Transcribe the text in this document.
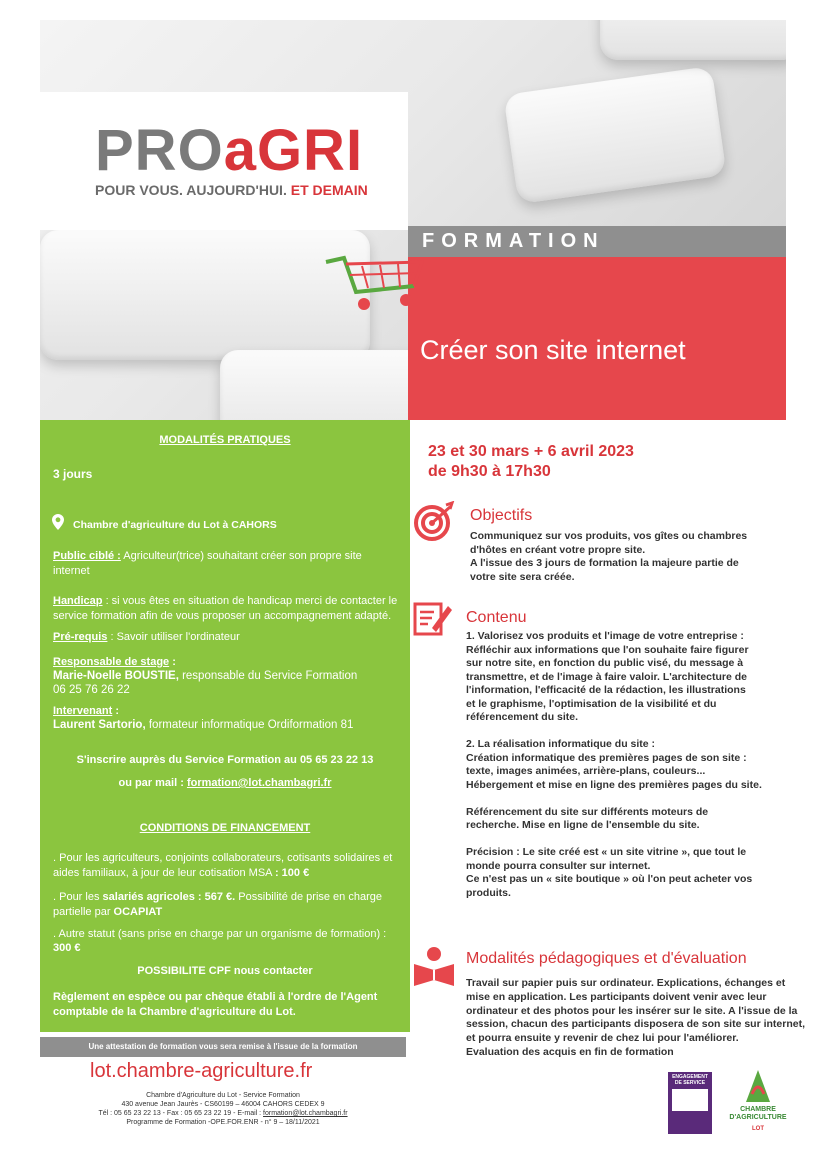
PROaGRI
POUR VOUS. AUJOURD'HUI. ET DEMAIN
FORMATION
Créer son site internet
MODALITÉS PRATIQUES
3 jours
Chambre d'agriculture du Lot à CAHORS
Public ciblé : Agriculteur(trice) souhaitant créer son propre site internet
Handicap : si vous êtes en situation de handicap merci de contacter le service formation afin de vous proposer un accompagnement adapté.
Pré-requis : Savoir utiliser l'ordinateur
Responsable de stage :
Marie-Noelle BOUSTIE, responsable du Service Formation
06 25 76 26 22
Intervenant :
Laurent Sartorio, formateur informatique Ordiformation 81
S'inscrire auprès du Service Formation au 05 65 23 22 13
ou par mail : formation@lot.chambagri.fr
CONDITIONS DE FINANCEMENT
. Pour les agriculteurs, conjoints collaborateurs, cotisants solidaires et aides familiaux, à jour de leur cotisation MSA : 100 €
. Pour les salariés agricoles : 567 €. Possibilité de prise en charge partielle par OCAPIAT
. Autre statut (sans prise en charge par un organisme de formation) :
300 €
POSSIBILITE CPF nous contacter
Règlement en espèce ou par chèque établi à l'ordre de l'Agent comptable de la Chambre d'agriculture du Lot.
Une attestation de formation vous sera remise à l'issue de la formation
lot.chambre-agriculture.fr
Chambre d'Agriculture du Lot - Service Formation
430 avenue Jean Jaurès - CS60199 – 46004 CAHORS CEDEX 9
Tél : 05 65 23 22 13 - Fax : 05 65 23 22 19 - E-mail : formation@lot.chambagri.fr
Programme de Formation -OPE.FOR.ENR - n° 9 – 18/11/2021
23 et 30 mars + 6 avril 2023
de 9h30 à 17h30
Objectifs
Communiquez sur vos produits, vos gîtes ou chambres
d'hôtes en créant votre propre site.
A l'issue des 3 jours de formation la majeure partie de
votre site sera créée.
Contenu
1. Valorisez vos produits et l'image de votre entreprise :
Réfléchir aux informations que l'on souhaite faire figurer
sur notre site, en fonction du public visé, du message à
transmettre, et de l'image à faire valoir. L'architecture de
l'information, l'efficacité de la rédaction, les illustrations
et le graphisme, l'optimisation de la visibilité et du
référencement du site.
2. La réalisation informatique du site :
Création informatique des premières pages de son site :
texte, images animées, arrière-plans, couleurs...
Hébergement et mise en ligne des premières pages du site.
Référencement du site sur différents moteurs de
recherche. Mise en ligne de l'ensemble du site.
Précision : Le site créé est « un site vitrine », que tout le
monde pourra consulter sur internet.
Ce n'est pas un « site boutique » où l'on peut acheter vos
produits.
Modalités pédagogiques et d'évaluation
Travail sur papier puis sur ordinateur. Explications, échanges et
mise en application. Les participants doivent venir avec leur
ordinateur et des photos pour les insérer sur le site. A l'issue de la
session, chacun des participants disposera de son site sur internet,
et pourra ensuite y revenir de chez lui pour l'améliorer.
Evaluation des acquis en fin de formation
ENGAGEMENT DE SERVICE
CHAMBRE D'AGRICULTURE
LOT
